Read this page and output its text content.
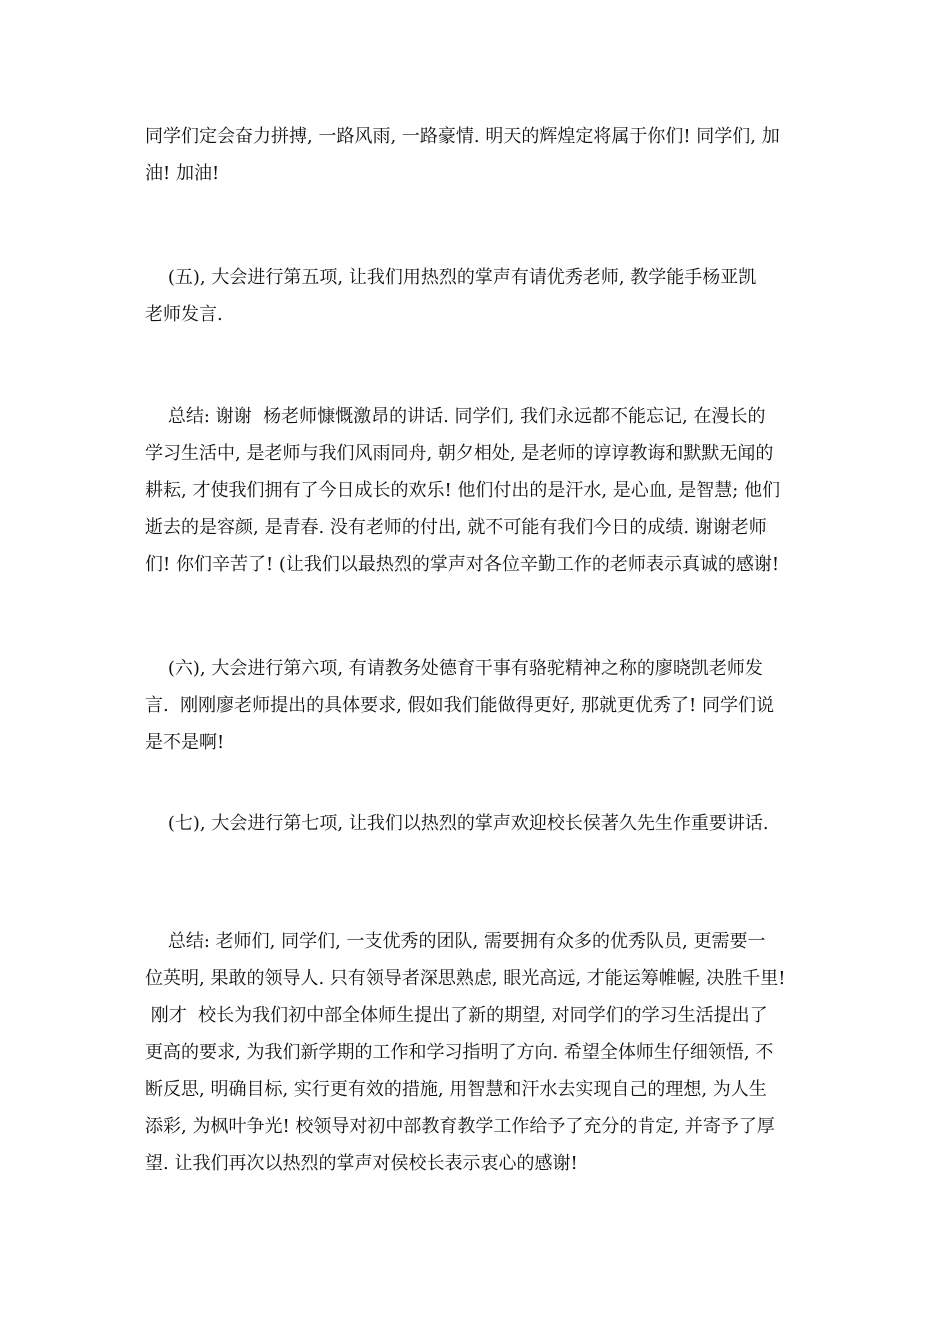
同学们定会奋力拼搏, 一路风雨, 一路豪情. 明天的辉煌定将属于你们! 同学们, 加
油! 加油!
(五), 大会进行第五项, 让我们用热烈的掌声有请优秀老师, 教学能手杨亚凯
老师发言.
总结: 谢谢  杨老师慷慨激昂的讲话. 同学们, 我们永远都不能忘记, 在漫长的
学习生活中, 是老师与我们风雨同舟, 朝夕相处, 是老师的谆谆教诲和默默无闻的
耕耘, 才使我们拥有了今日成长的欢乐! 他们付出的是汗水, 是心血, 是智慧; 他们
逝去的是容颜, 是青春. 没有老师的付出, 就不可能有我们今日的成绩. 谢谢老师
们! 你们辛苦了! (让我们以最热烈的掌声对各位辛勤工作的老师表示真诚的感谢!
(六), 大会进行第六项, 有请教务处德育干事有骆驼精神之称的廖晓凯老师发
言.  刚刚廖老师提出的具体要求, 假如我们能做得更好, 那就更优秀了! 同学们说
是不是啊!
(七), 大会进行第七项, 让我们以热烈的掌声欢迎校长侯著久先生作重要讲话.
总结: 老师们, 同学们, 一支优秀的团队, 需要拥有众多的优秀队员, 更需要一
位英明, 果敢的领导人. 只有领导者深思熟虑, 眼光高远, 才能运筹帷幄, 决胜千里!
刚才  校长为我们初中部全体师生提出了新的期望, 对同学们的学习生活提出了
更高的要求, 为我们新学期的工作和学习指明了方向. 希望全体师生仔细领悟, 不
断反思, 明确目标, 实行更有效的措施, 用智慧和汗水去实现自己的理想, 为人生
添彩, 为枫叶争光! 校领导对初中部教育教学工作给予了充分的肯定, 并寄予了厚
望. 让我们再次以热烈的掌声对侯校长表示衷心的感谢!
